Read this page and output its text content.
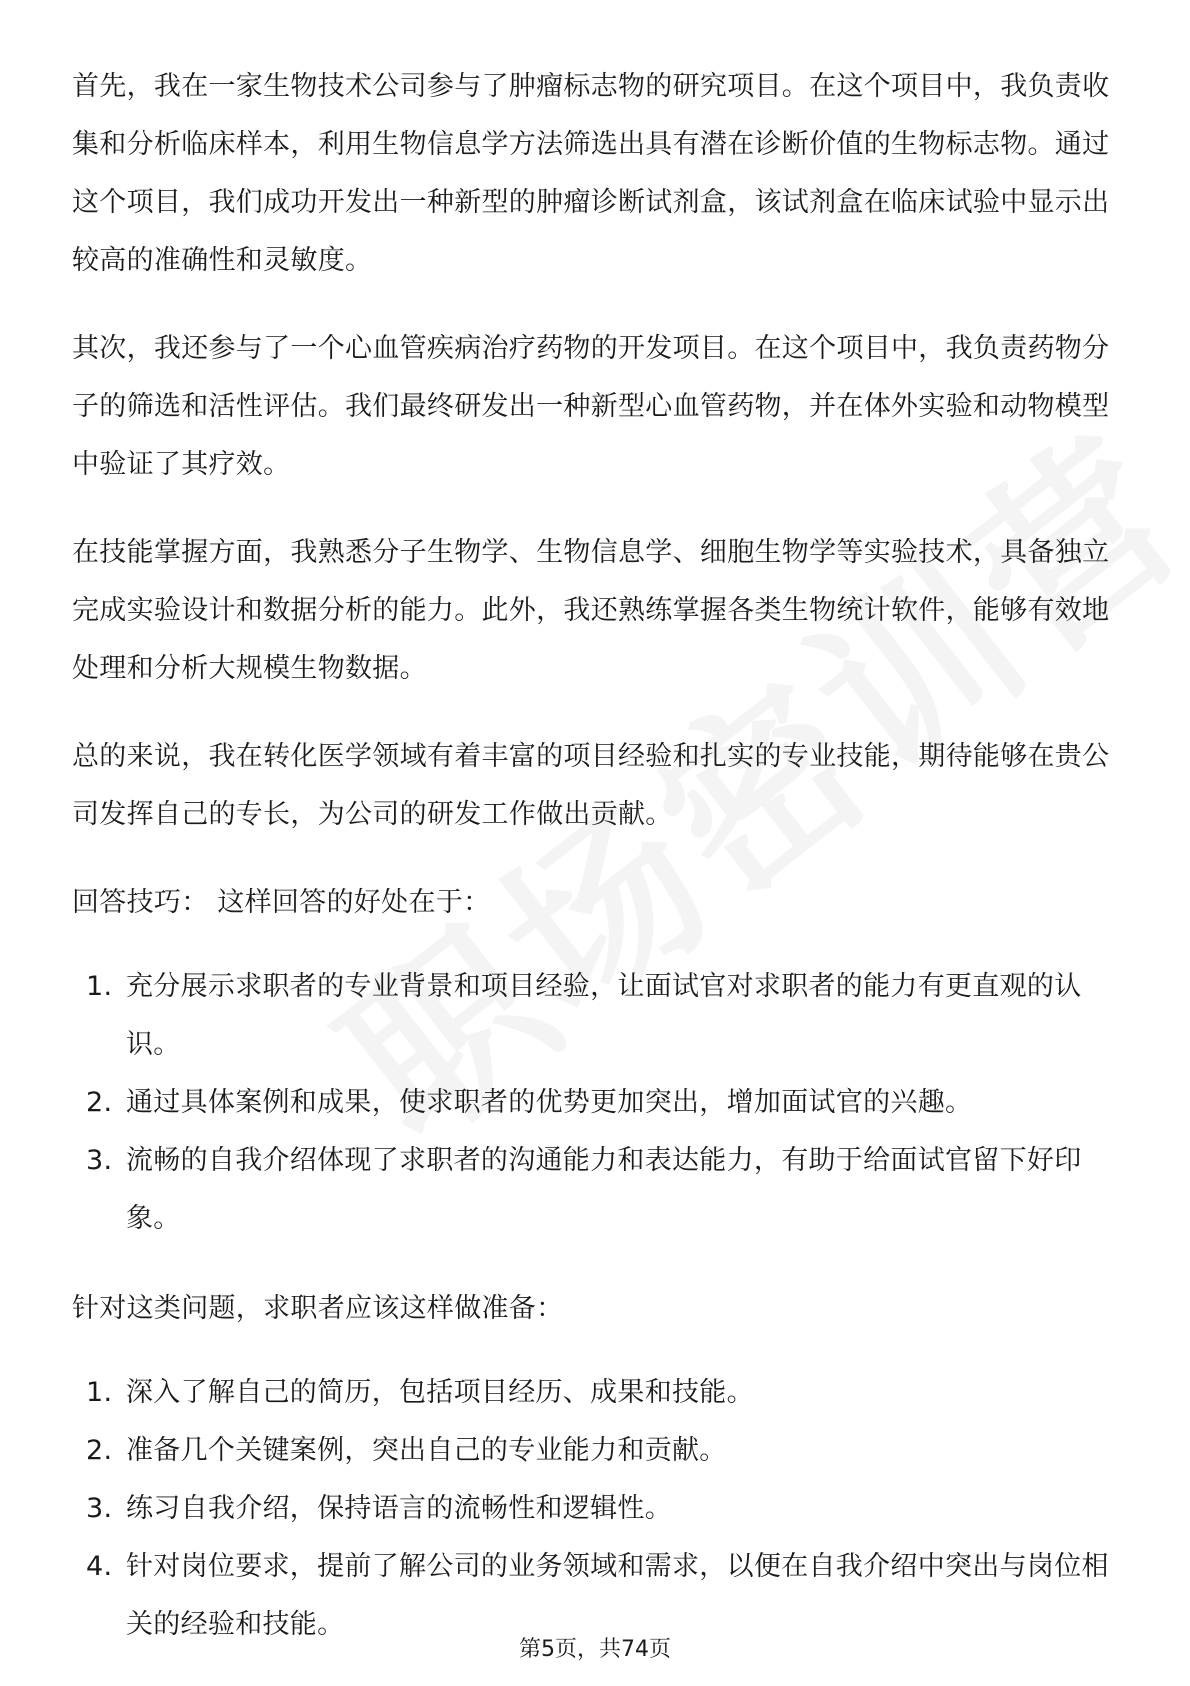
首先，我在一家生物技术公司参与了肿瘤标志物的研究项目。在这个项目中，我负责收集和分析临床样本，利用生物信息学方法筛选出具有潜在诊断价值的生物标志物。通过这个项目，我们成功开发出一种新型的肿瘤诊断试剂盒，该试剂盒在临床试验中显示出较高的准确性和灵敏度。

其次，我还参与了一个心血管疾病治疗药物的开发项目。在这个项目中，我负责药物分子的筛选和活性评估。我们最终研发出一种新型心血管药物，并在体外实验和动物模型中验证了其疗效。

在技能掌握方面，我熟悉分子生物学、生物信息学、细胞生物学等实验技术，具备独立完成实验设计和数据分析的能力。此外，我还熟练掌握各类生物统计软件，能够有效地处理和分析大规模生物数据。

总的来说，我在转化医学领域有着丰富的项目经验和扎实的专业技能，期待能够在贵公司发挥自己的专长，为公司的研发工作做出贡献。

回答技巧： 这样回答的好处在于：

1. 充分展示求职者的专业背景和项目经验，让面试官对求职者的能力有更直观的认识。
2. 通过具体案例和成果，使求职者的优势更加突出，增加面试官的兴趣。
3. 流畅的自我介绍体现了求职者的沟通能力和表达能力，有助于给面试官留下好印象。

针对这类问题，求职者应该这样做准备：

1. 深入了解自己的简历，包括项目经历、成果和技能。
2. 准备几个关键案例，突出自己的专业能力和贡献。
3. 练习自我介绍，保持语言的流畅性和逻辑性。
4. 针对岗位要求，提前了解公司的业务领域和需求，以便在自我介绍中突出与岗位相关的经验和技能。
第5页，共74页
